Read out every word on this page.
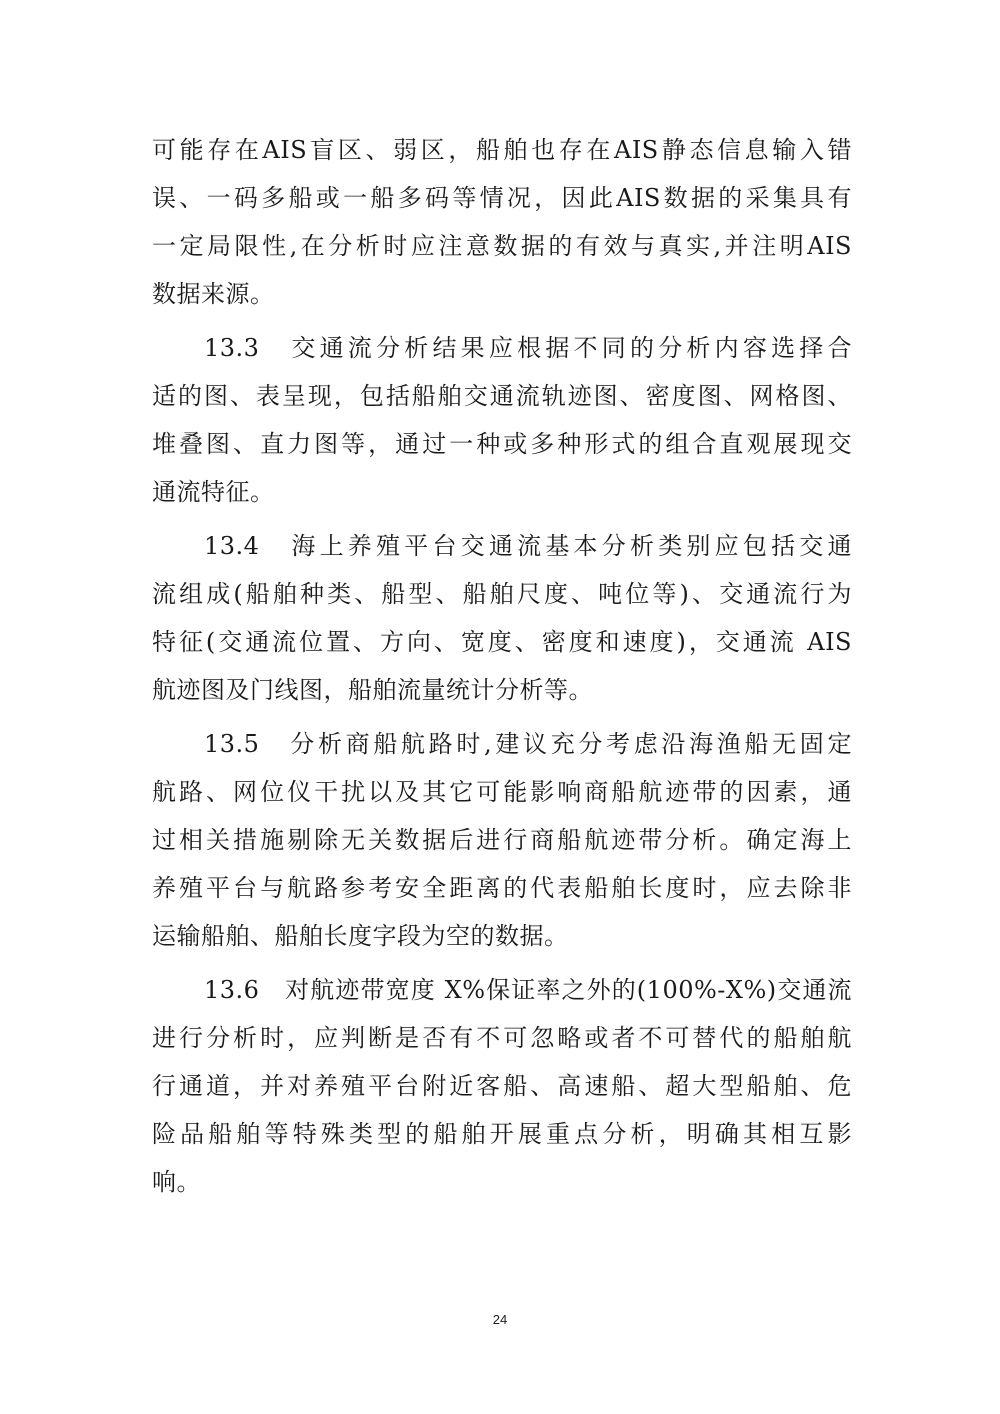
可能存在AIS盲区、弱区，船舶也存在AIS静态信息输入错
误、一码多船或一船多码等情况，因此AIS数据的采集具有
一定局限性,在分析时应注意数据的有效与真实,并注明AIS
数据来源。
13.3　交通流分析结果应根据不同的分析内容选择合
适的图、表呈现，包括船舶交通流轨迹图、密度图、网格图、
堆叠图、直力图等，通过一种或多种形式的组合直观展现交
通流特征。
13.4　海上养殖平台交通流基本分析类别应包括交通
流组成(船舶种类、船型、船舶尺度、吨位等)、交通流行为
特征(交通流位置、方向、宽度、密度和速度)，交通流 AIS
航迹图及门线图，船舶流量统计分析等。
13.5　分析商船航路时,建议充分考虑沿海渔船无固定
航路、网位仪干扰以及其它可能影响商船航迹带的因素，通
过相关措施剔除无关数据后进行商船航迹带分析。确定海上
养殖平台与航路参考安全距离的代表船舶长度时，应去除非
运输船舶、船舶长度字段为空的数据。
13.6　对航迹带宽度 X%保证率之外的(100%-X%)交通流
进行分析时，应判断是否有不可忽略或者不可替代的船舶航
行通道，并对养殖平台附近客船、高速船、超大型船舶、危
险品船舶等特殊类型的船舶开展重点分析，明确其相互影
响。
24
